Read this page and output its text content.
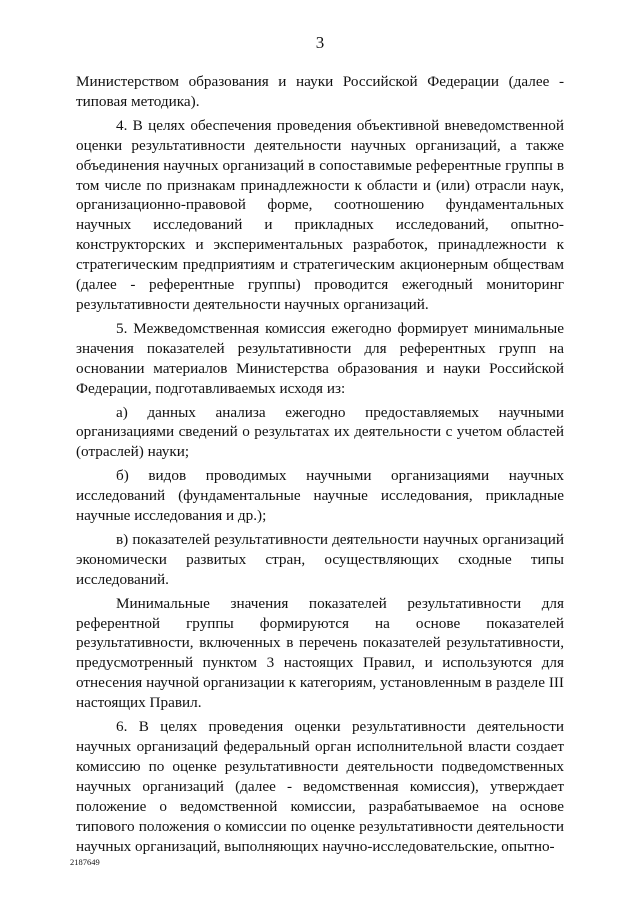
3

Министерством образования и науки Российской Федерации (далее - типовая методика).

4. В целях обеспечения проведения объективной вневедомственной оценки результативности деятельности научных организаций, а также объединения научных организаций в сопоставимые референтные группы в том числе по признакам принадлежности к области и (или) отрасли наук, организационно-правовой форме, соотношению фундаментальных научных исследований и прикладных исследований, опытно-конструкторских и экспериментальных разработок, принадлежности к стратегическим предприятиям и стратегическим акционерным обществам (далее - референтные группы) проводится ежегодный мониторинг результативности деятельности научных организаций.

5. Межведомственная комиссия ежегодно формирует минимальные значения показателей результативности для референтных групп на основании материалов Министерства образования и науки Российской Федерации, подготавливаемых исходя из:

а) данных анализа ежегодно предоставляемых научными организациями сведений о результатах их деятельности с учетом областей (отраслей) науки;

б) видов проводимых научными организациями научных исследований (фундаментальные научные исследования, прикладные научные исследования и др.);

в) показателей результативности деятельности научных организаций экономически развитых стран, осуществляющих сходные типы исследований.

Минимальные значения показателей результативности для референтной группы формируются на основе показателей результативности, включенных в перечень показателей результативности, предусмотренный пунктом 3 настоящих Правил, и используются для отнесения научной организации к категориям, установленным в разделе III настоящих Правил.

6. В целях проведения оценки результативности деятельности научных организаций федеральный орган исполнительной власти создает комиссию по оценке результативности деятельности подведомственных научных организаций (далее - ведомственная комиссия), утверждает положение о ведомственной комиссии, разрабатываемое на основе типового положения о комиссии по оценке результативности деятельности научных организаций, выполняющих научно-исследовательские, опытно-

2187649
